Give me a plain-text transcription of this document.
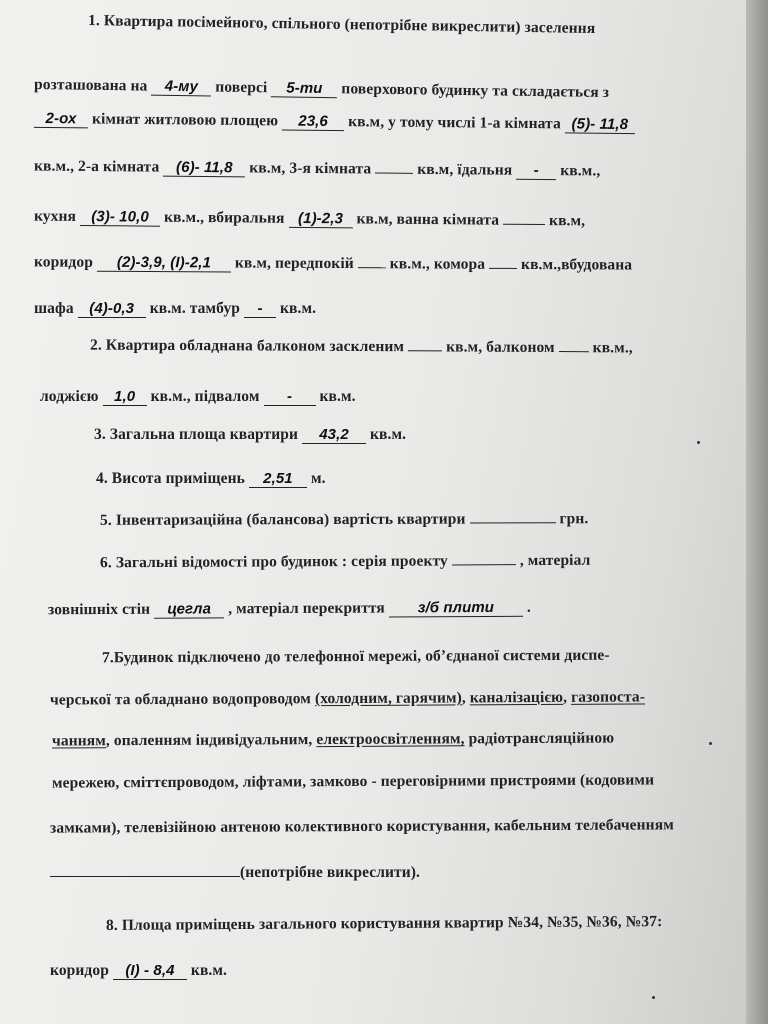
1. Квартира посімейного, спільного (непотрібне викреслити) заселення
розташована на 4-му поверсі 5-ти поверхового будинку та складається з
2-ох кімнат житловою площею 23,6 кв.м, у тому числі 1-а кімната (5)- 11,8
кв.м., 2-а кімната (6)- 11,8 кв.м, 3-я кімната	кв.м, їдальня - кв.м.,
кухня (3)- 10,0 кв.м., вбиральня (1)-2,3 кв.м, ванна кімната	кв.м,
коридор (2)-3,9, (І)-2,1 кв.м, передпокій кв.м., комора кв.м.,вбудована
шафа (4)-0,3 кв.м. тамбур - кв.м.
2. Квартира обладнана балконом заскленим	кв.м, балконом кв.м.,
лоджією 1,0 кв.м., підвалом - кв.м.
3. Загальна площа квартири 43,2 кв.м.
4. Висота приміщень 2,51 м.
5. Інвентаризаційна (балансова) вартість квартири	грн.
6. Загальні відомості про будинок : серія проекту	, матеріал
зовнішніх стін цегла , матеріал перекриття з/б плити .
7.Будинок підключено до телефонної мережі, об’єднаної системи диспе-
черської та обладнано водопроводом (холодним, гарячим), каналізацією, газопоста-
чанням, опаленням індивідуальним, електроосвітленням, радіотрансляційною
мережею, сміттєпроводом, ліфтами, замково - переговірними пристроями (кодовими
замками), телевізійною антеною колективного користування, кабельним телебаченням
(непотрібне викреслити).
8. Площа приміщень загального користування квартир №34, №35, №36, №37:
коридор (І) - 8,4 кв.м.
